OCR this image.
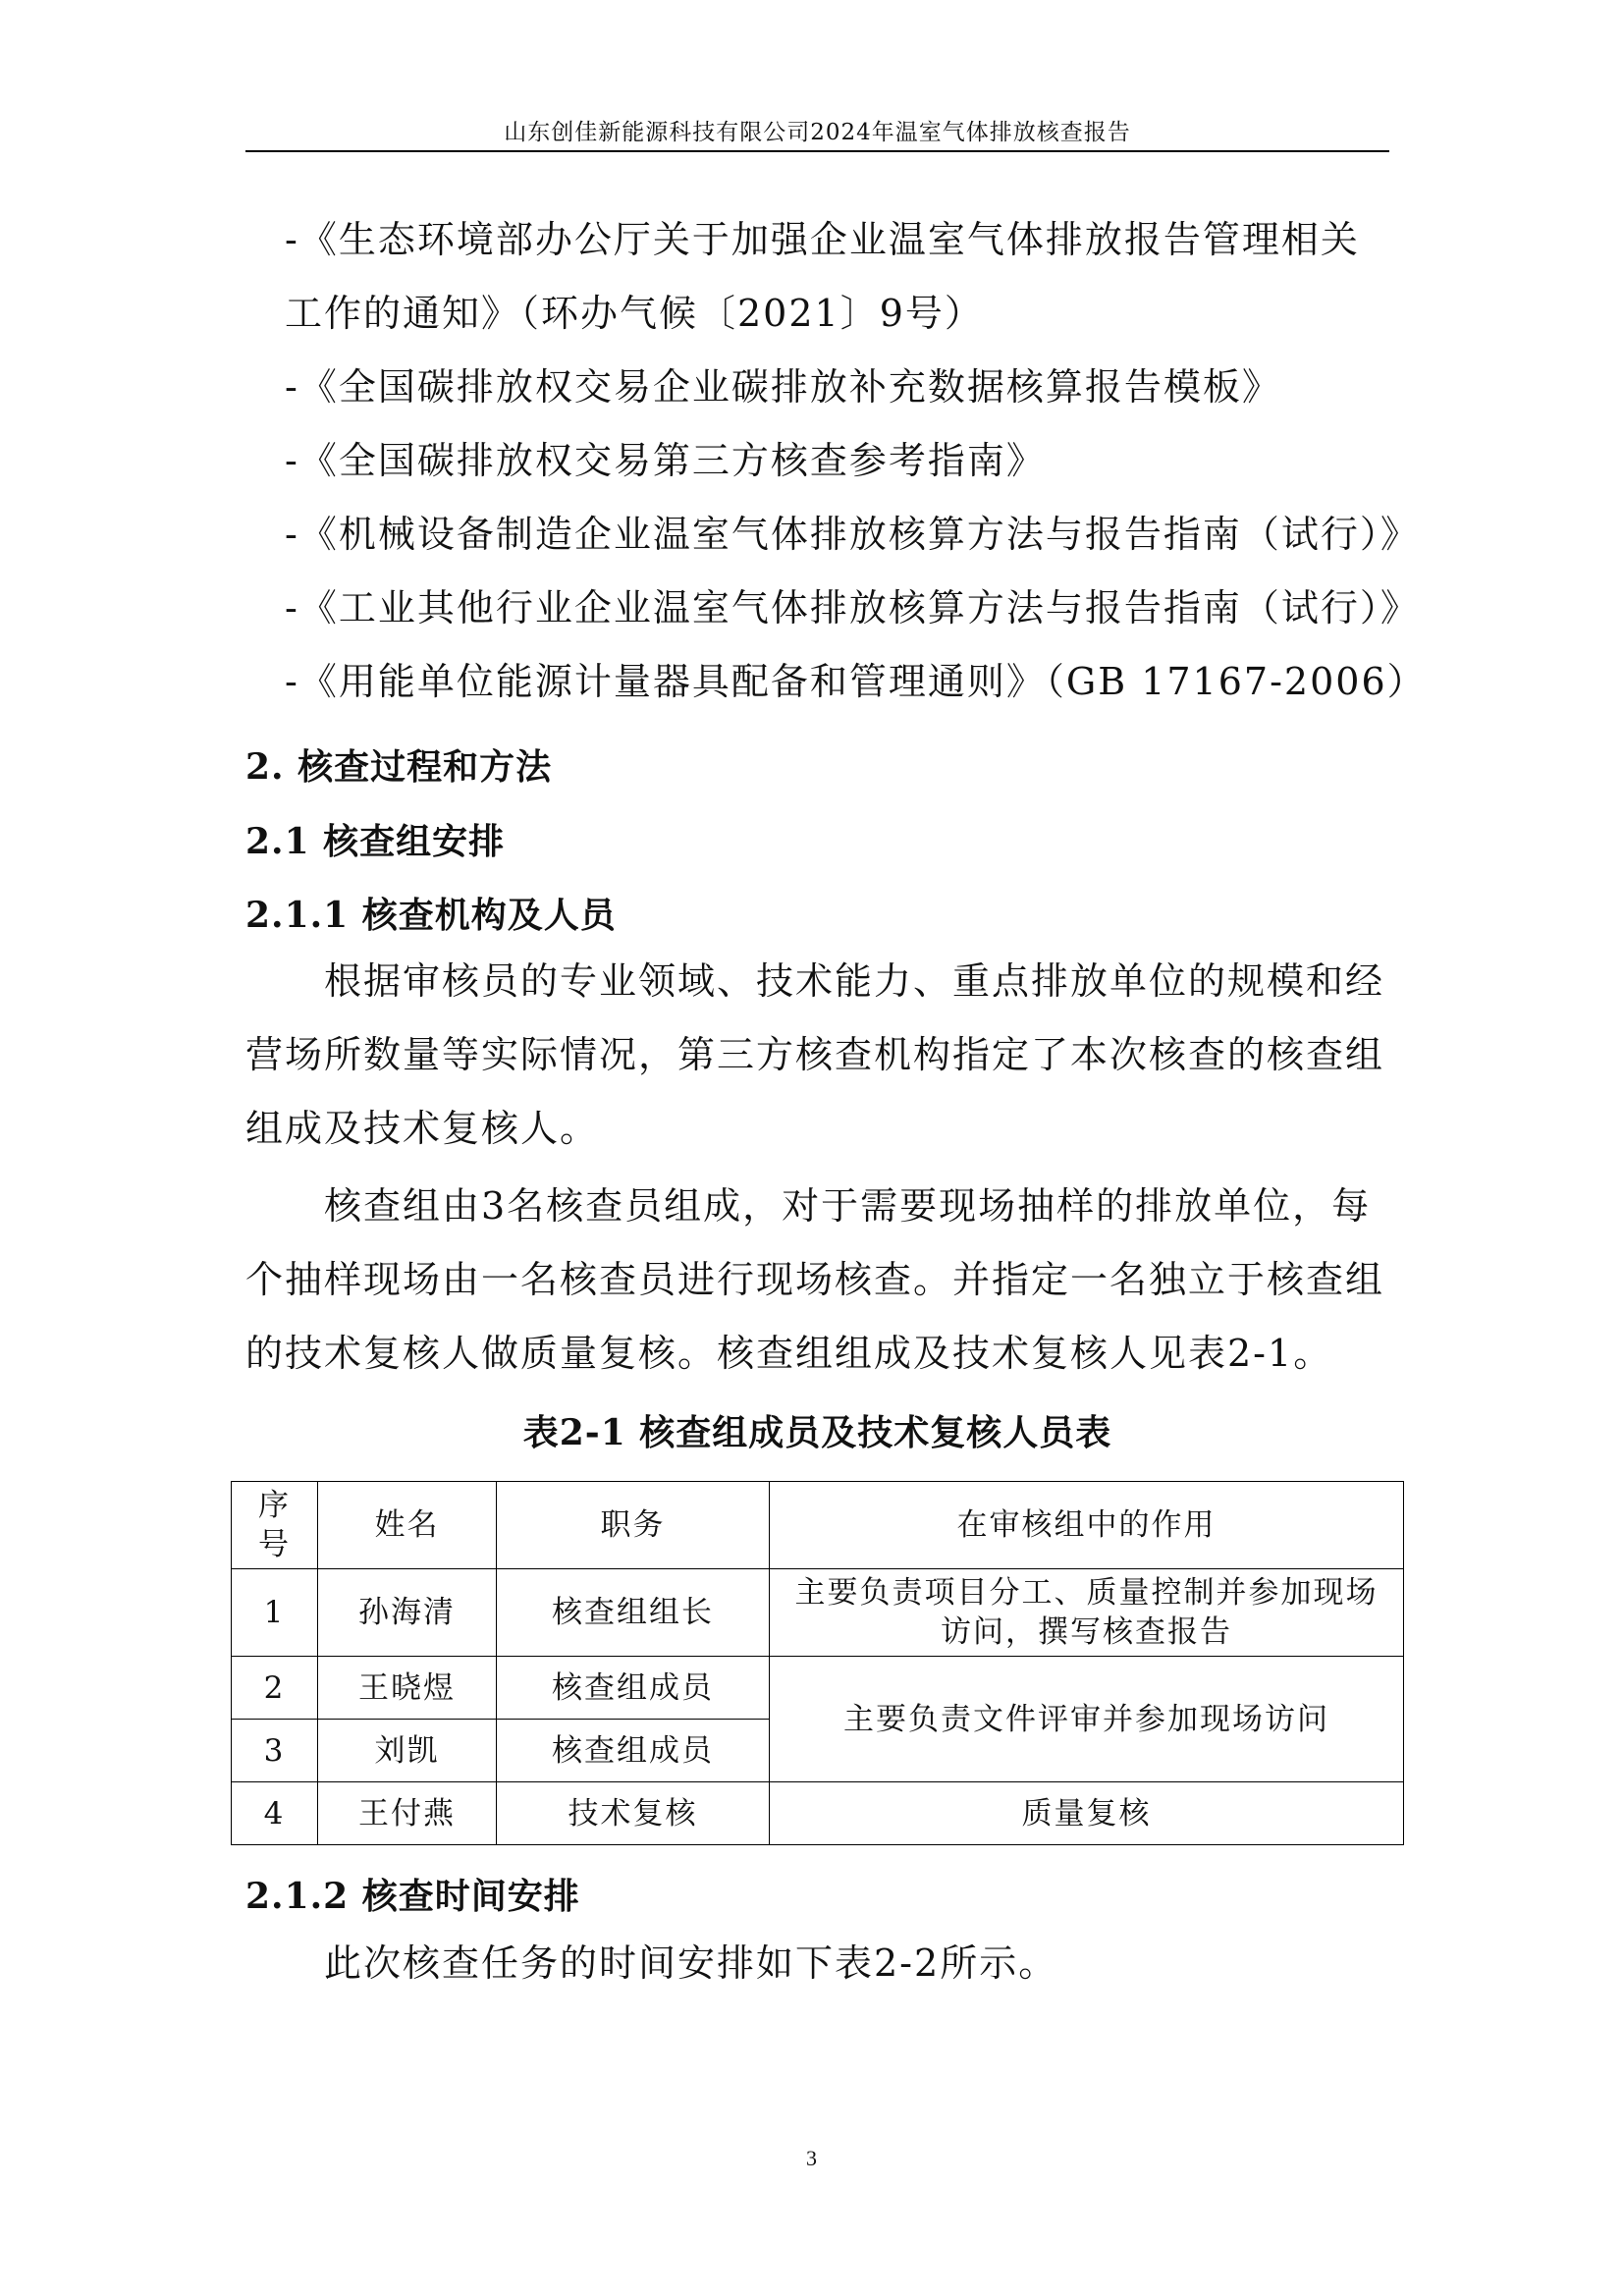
山东创佳新能源科技有限公司2024年温室气体排放核查报告
-《生态环境部办公厅关于加强企业温室气体排放报告管理相关工作的通知》（环办气候〔2021〕9号）
-《全国碳排放权交易企业碳排放补充数据核算报告模板》
-《全国碳排放权交易第三方核查参考指南》
-《机械设备制造企业温室气体排放核算方法与报告指南（试行）》
-《工业其他行业企业温室气体排放核算方法与报告指南（试行）》
-《用能单位能源计量器具配备和管理通则》（GB 17167-2006）
2. 核查过程和方法
2.1 核查组安排
2.1.1 核查机构及人员

根据审核员的专业领域、技术能力、重点排放单位的规模和经营场所数量等实际情况，第三方核查机构指定了本次核查的核查组组成及技术复核人。

核查组由3名核查员组成，对于需要现场抽样的排放单位，每个抽样现场由一名核查员进行现场核查。并指定一名独立于核查组的技术复核人做质量复核。核查组组成及技术复核人见表2-1。

表2-1 核查组成员及技术复核人员表
序号	姓名	职务	在审核组中的作用
1	孙海清	核查组组长	主要负责项目分工、质量控制并参加现场访问，撰写核查报告
2	王晓煜	核查组成员	主要负责文件评审并参加现场访问
3	刘凯	核查组成员	
4	王付燕	技术复核	质量复核
2.1.2 核查时间安排

此次核查任务的时间安排如下表2-2所示。

3
